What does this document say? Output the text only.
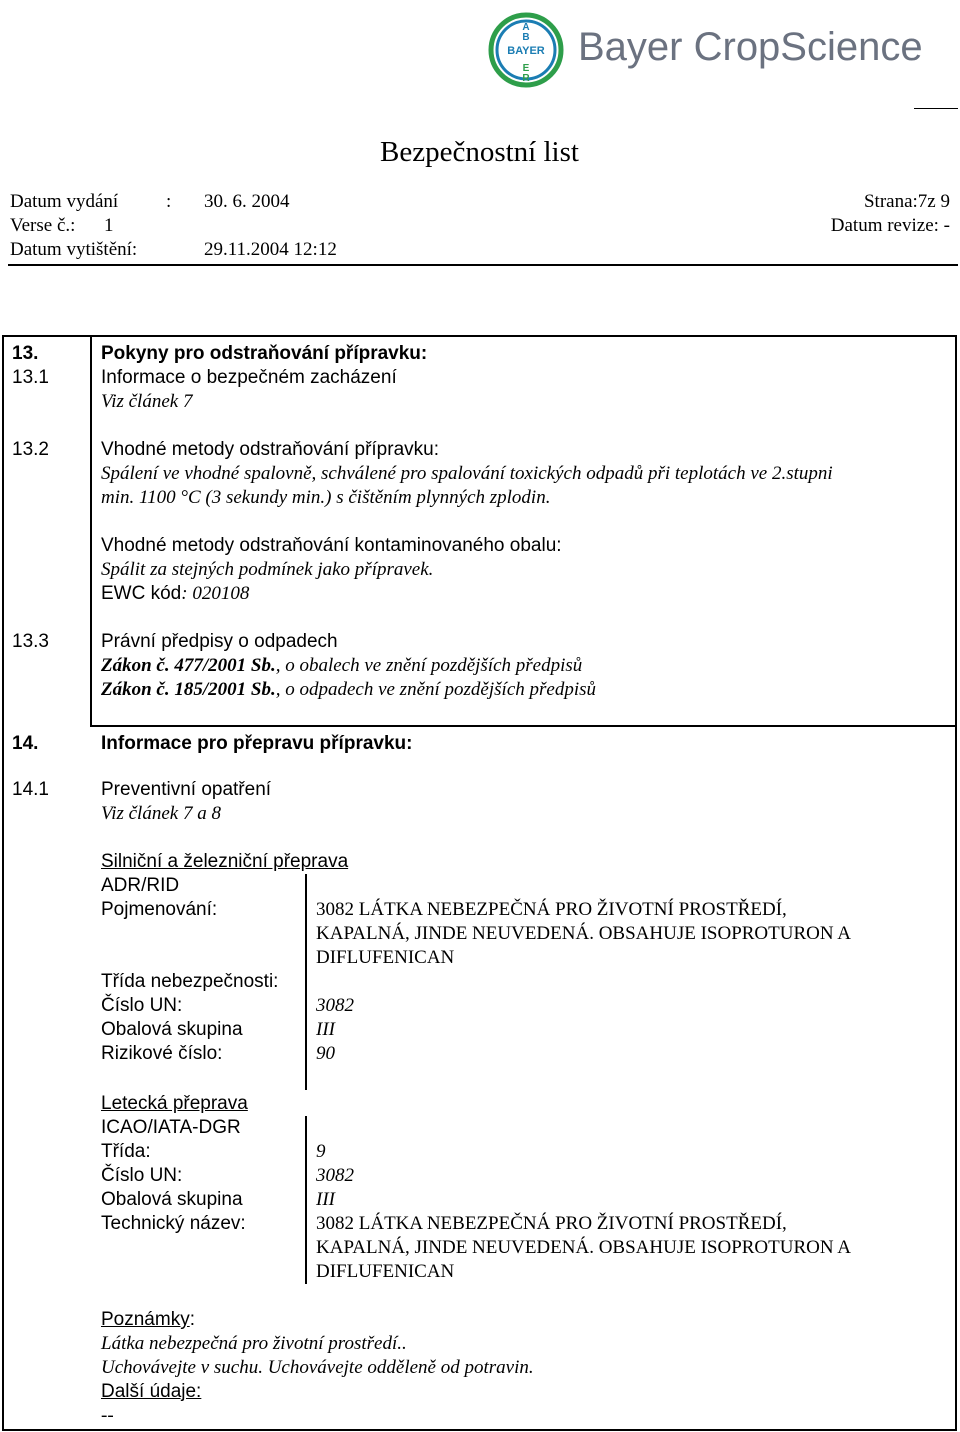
B
A
E
R
BAYER Bayer CropScience
Bezpečnostní list
Datum vydání	: 30. 6. 2004	Strana:7z 9
Verse č.: 1	Datum revize: -
Datum vytištění:	29.11.2004 12:12
13.	Pokyny pro odstraňování přípravku:
13.1	Informace o bezpečném zacházení
Viz článek 7
13.2	Vhodné metody odstraňování přípravku:
Spálení ve vhodné spalovně, schválené pro spalování toxických odpadů při teplotách ve 2.stupni
min. 1100 °C (3 sekundy min.) s čištěním plynných zplodin.
Vhodné metody odstraňování kontaminovaného obalu:
Spálit za stejných podmínek jako přípravek.
EWC kód: 020108
13.3	Právní předpisy o odpadech
Zákon č. 477/2001 Sb., o obalech ve znění pozdějších předpisů
Zákon č. 185/2001 Sb., o odpadech ve znění pozdějších předpisů
14.	Informace pro přepravu přípravku:
14.1	Preventivní opatření
Viz článek 7 a 8
Silniční a železniční přeprava
ADR/RID
Pojmenování:	3082 LÁTKA NEBEZPEČNÁ PRO ŽIVOTNÍ PROSTŘEDÍ,
KAPALNÁ, JINDE NEUVEDENÁ. OBSAHUJE ISOPROTURON A
DIFLUFENICAN
Třída nebezpečnosti:
Číslo UN:	3082
Obalová skupina	III
Rizikové číslo:	90
Letecká přeprava
ICAO/IATA-DGR
Třída:	9
Číslo UN:	3082
Obalová skupina	III
Technický název:	3082 LÁTKA NEBEZPEČNÁ PRO ŽIVOTNÍ PROSTŘEDÍ,
KAPALNÁ, JINDE NEUVEDENÁ. OBSAHUJE ISOPROTURON A
DIFLUFENICAN
Poznámky:
Látka nebezpečná pro životní prostředí..
Uchovávejte v suchu. Uchovávejte odděleně od potravin.
Další údaje:
--
